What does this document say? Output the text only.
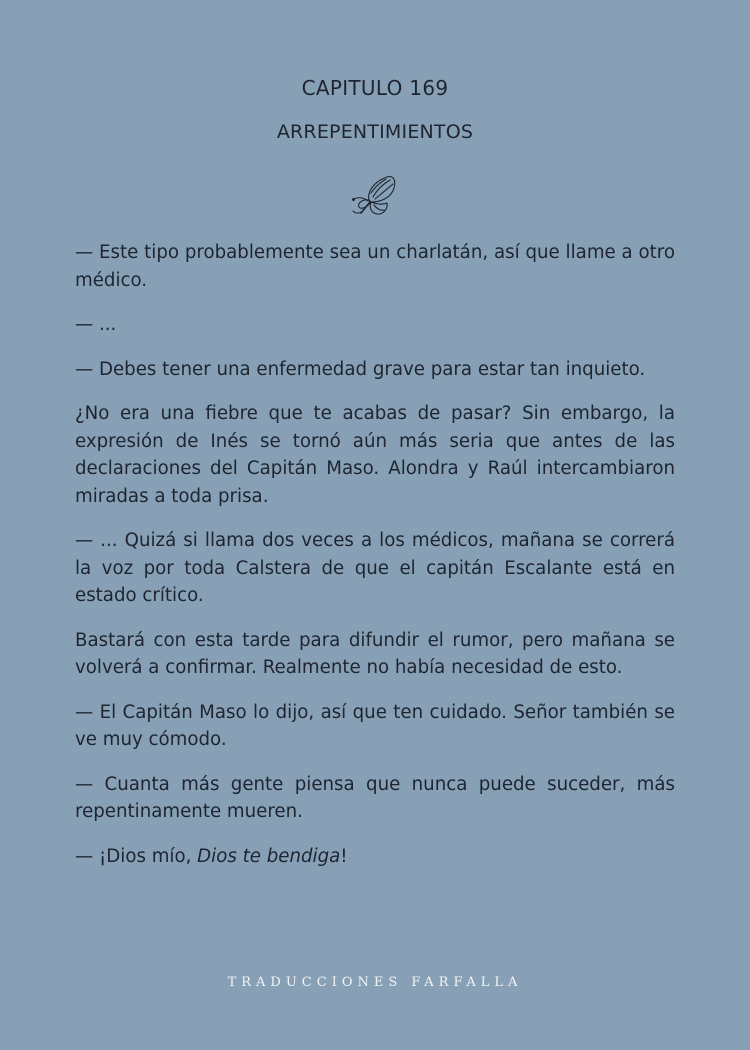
CAPITULO 169
ARREPENTIMIENTOS

— Este tipo probablemente sea un charlatán, así que llame a otro médico.

— ...

— Debes tener una enfermedad grave para estar tan inquieto.

¿No era una fiebre que te acabas de pasar? Sin embargo, la expresión de Inés se tornó aún más seria que antes de las declaraciones del Capitán Maso. Alondra y Raúl intercambiaron miradas a toda prisa.

— ... Quizá si llama dos veces a los médicos, mañana se correrá la voz por toda Calstera de que el capitán Escalante está en estado crítico.

Bastará con esta tarde para difundir el rumor, pero mañana se volverá a confirmar. Realmente no había necesidad de esto.

— El Capitán Maso lo dijo, así que ten cuidado. Señor también se ve muy cómodo.

— Cuanta más gente piensa que nunca puede suceder, más repentinamente mueren.

— ¡Dios mío, Dios te bendiga!

TRADUCCIONES FARFALLA
